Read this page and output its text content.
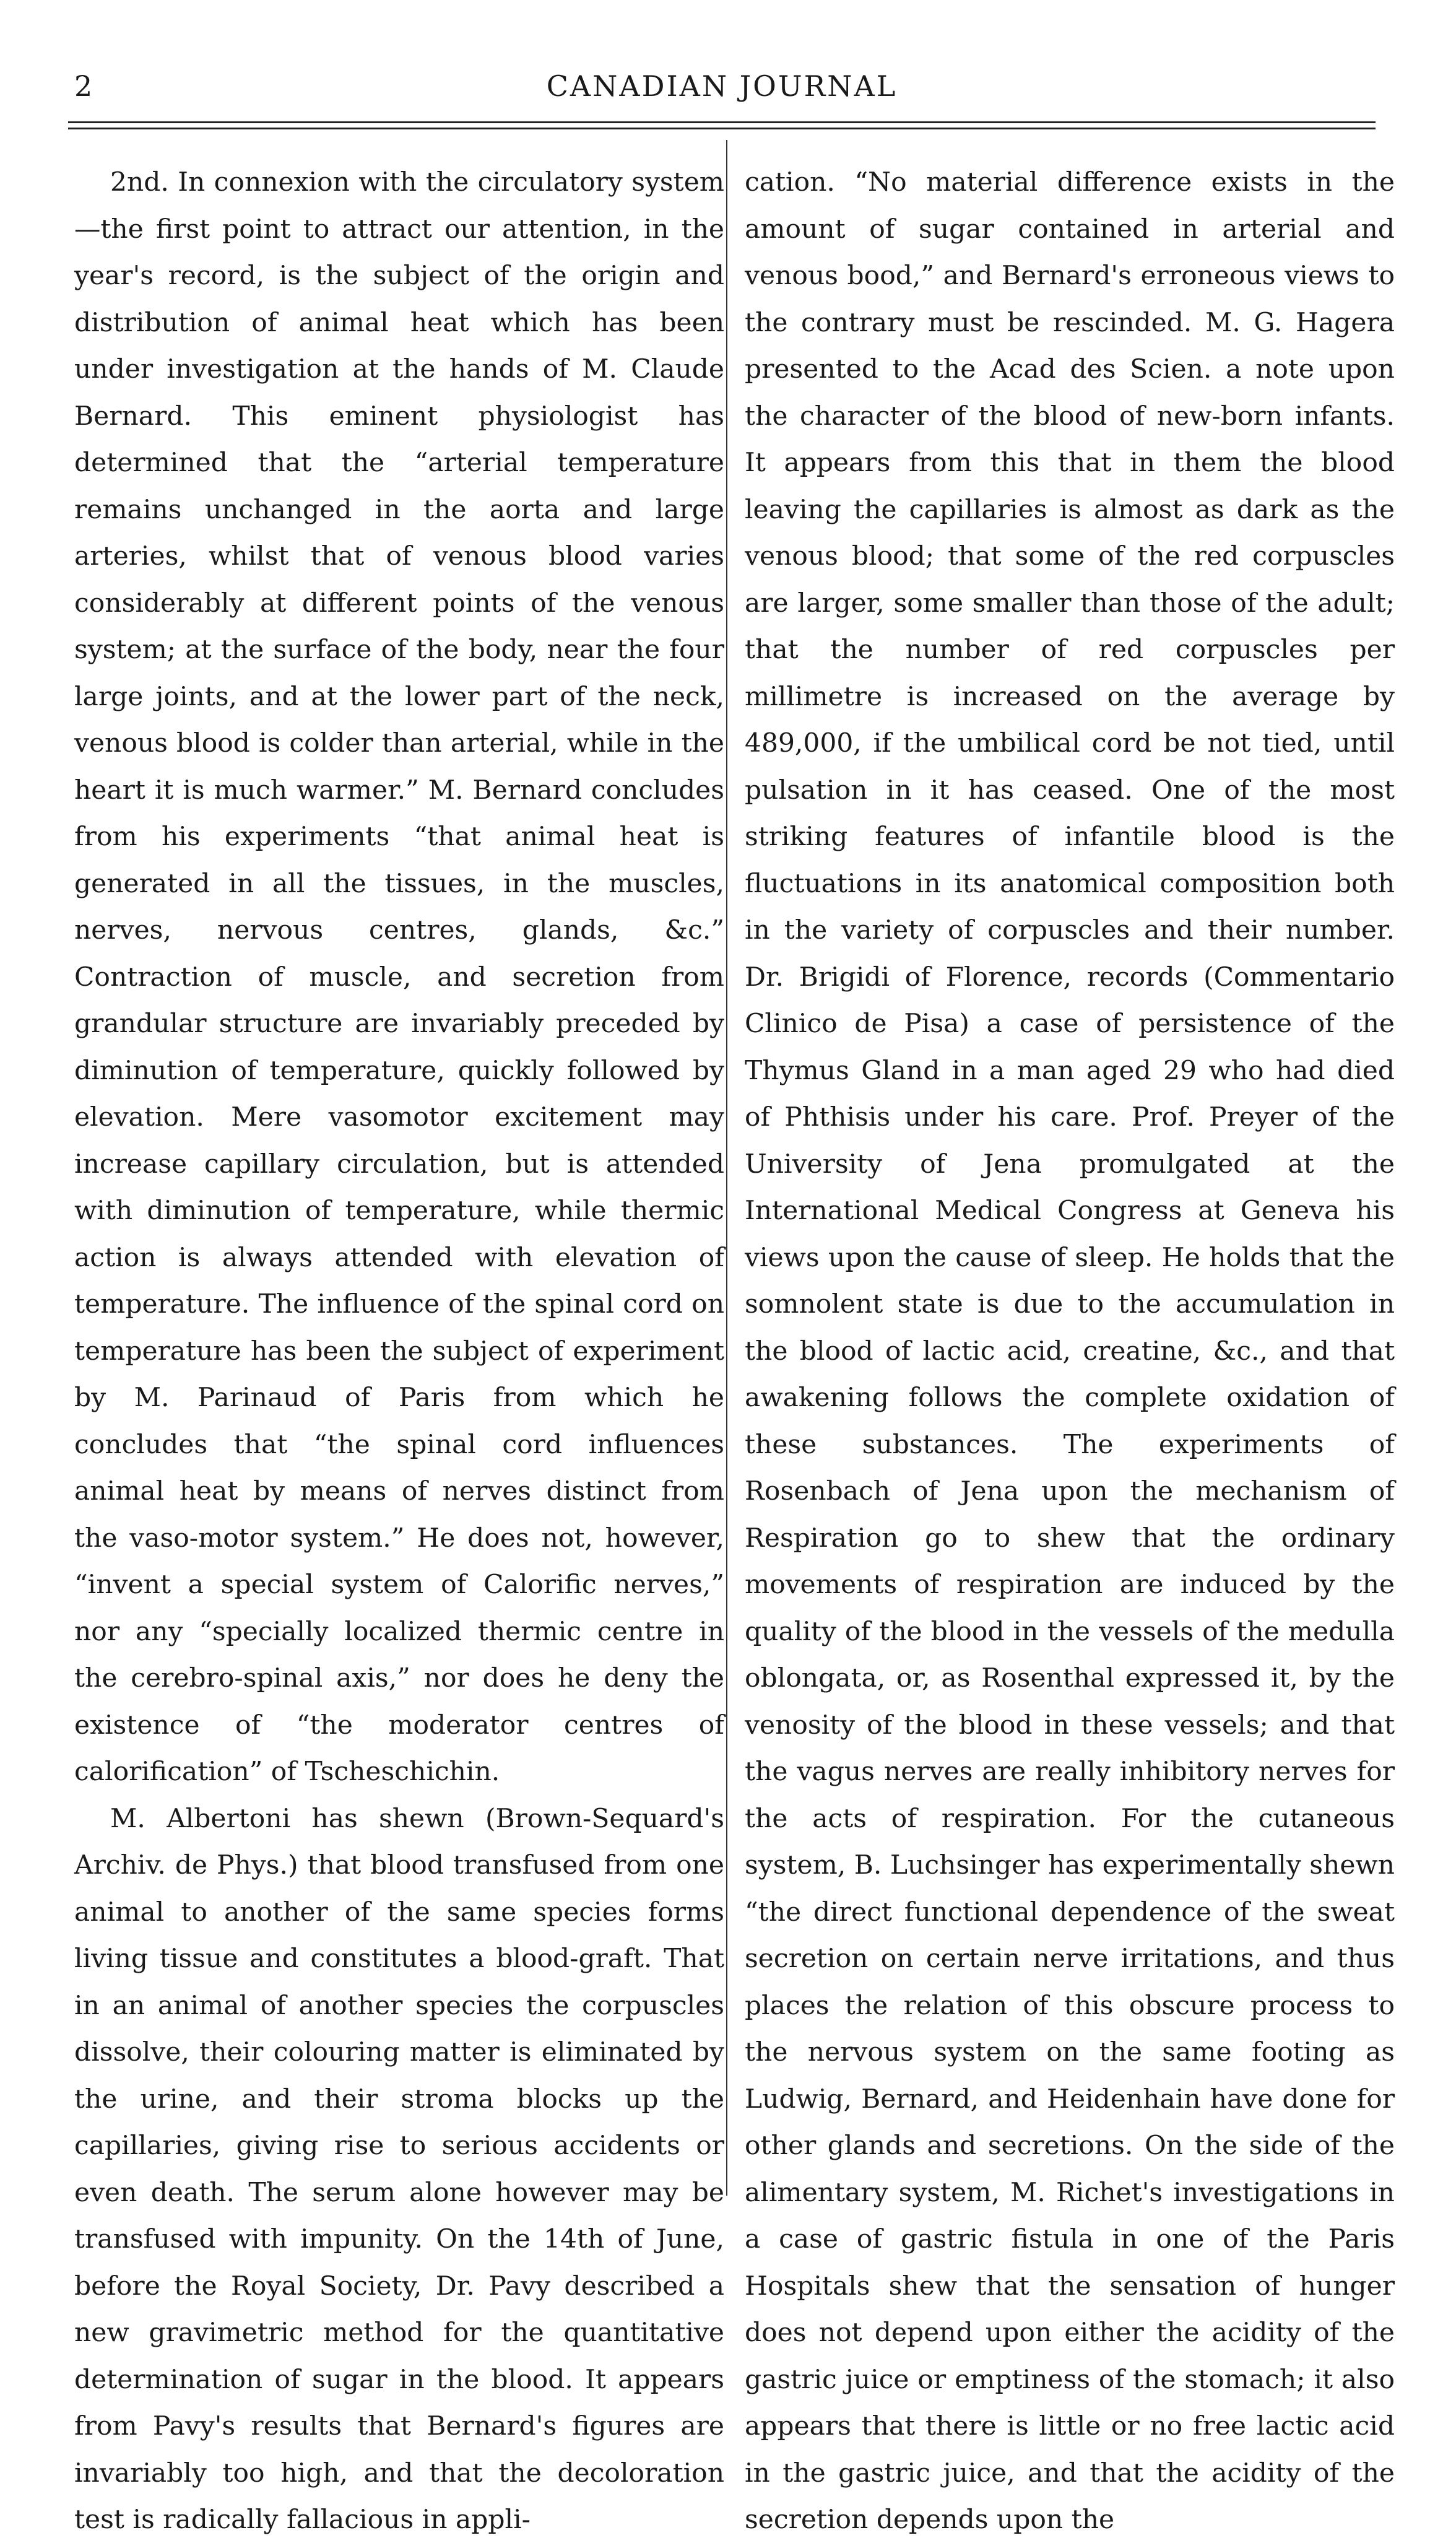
2	CANADIAN JOURNAL

2nd. In connexion with the circulatory system—the first point to attract our attention, in the year's record, is the subject of the origin and distribution of animal heat which has been under investigation at the hands of M. Claude Bernard. This eminent physiologist has determined that the “arterial temperature remains unchanged in the aorta and large arteries, whilst that of venous blood varies considerably at different points of the venous system; at the surface of the body, near the four large joints, and at the lower part of the neck, venous blood is colder than arterial, while in the heart it is much warmer.” M. Bernard concludes from his experiments “that animal heat is generated in all the tissues, in the muscles, nerves, nervous centres, glands, &c.” Contraction of muscle, and secretion from grandular structure are invariably preceded by diminution of temperature, quickly followed by elevation. Mere vasomotor excitement may increase capillary circulation, but is attended with diminution of temperature, while thermic action is always attended with elevation of temperature. The influence of the spinal cord on temperature has been the subject of experiment by M. Parinaud of Paris from which he concludes that “the spinal cord influences animal heat by means of nerves distinct from the vaso-motor system.” He does not, however, “invent a special system of Calorific nerves,” nor any “specially localized thermic centre in the cerebro-spinal axis,” nor does he deny the existence of “the moderator centres of calorification” of Tscheschichin.

M. Albertoni has shewn (Brown-Sequard's Archiv. de Phys.) that blood transfused from one animal to another of the same species forms living tissue and constitutes a blood-graft. That in an animal of another species the corpuscles dissolve, their colouring matter is eliminated by the urine, and their stroma blocks up the capillaries, giving rise to serious accidents or even death. The serum alone however may be transfused with impunity. On the 14th of June, before the Royal Society, Dr. Pavy described a new gravimetric method for the quantitative determination of sugar in the blood. It appears from Pavy's results that Bernard's figures are invariably too high, and that the decoloration test is radically fallacious in appli-

cation. “No material difference exists in the amount of sugar contained in arterial and venous bood,” and Bernard's erroneous views to the contrary must be rescinded. M. G. Hagera presented to the Acad des Scien. a note upon the character of the blood of new-born infants. It appears from this that in them the blood leaving the capillaries is almost as dark as the venous blood; that some of the red corpuscles are larger, some smaller than those of the adult; that the number of red corpuscles per millimetre is increased on the average by 489,000, if the umbilical cord be not tied, until pulsation in it has ceased. One of the most striking features of infantile blood is the fluctuations in its anatomical composition both in the variety of corpuscles and their number. Dr. Brigidi of Florence, records (Commentario Clinico de Pisa) a case of persistence of the Thymus Gland in a man aged 29 who had died of Phthisis under his care. Prof. Preyer of the University of Jena promulgated at the International Medical Congress at Geneva his views upon the cause of sleep. He holds that the somnolent state is due to the accumulation in the blood of lactic acid, creatine, &c., and that awakening follows the complete oxidation of these substances. The experiments of Rosenbach of Jena upon the mechanism of Respiration go to shew that the ordinary movements of respiration are induced by the quality of the blood in the vessels of the medulla oblongata, or, as Rosenthal expressed it, by the venosity of the blood in these vessels; and that the vagus nerves are really inhibitory nerves for the acts of respiration. For the cutaneous system, B. Luchsinger has experimentally shewn “the direct functional dependence of the sweat secretion on certain nerve irritations, and thus places the relation of this obscure process to the nervous system on the same footing as Ludwig, Bernard, and Heidenhain have done for other glands and secretions. On the side of the alimentary system, M. Richet's investigations in a case of gastric fistula in one of the Paris Hospitals shew that the sensation of hunger does not depend upon either the acidity of the gastric juice or emptiness of the stomach; it also appears that there is little or no free lactic acid in the gastric juice, and that the acidity of the secretion depends upon the
